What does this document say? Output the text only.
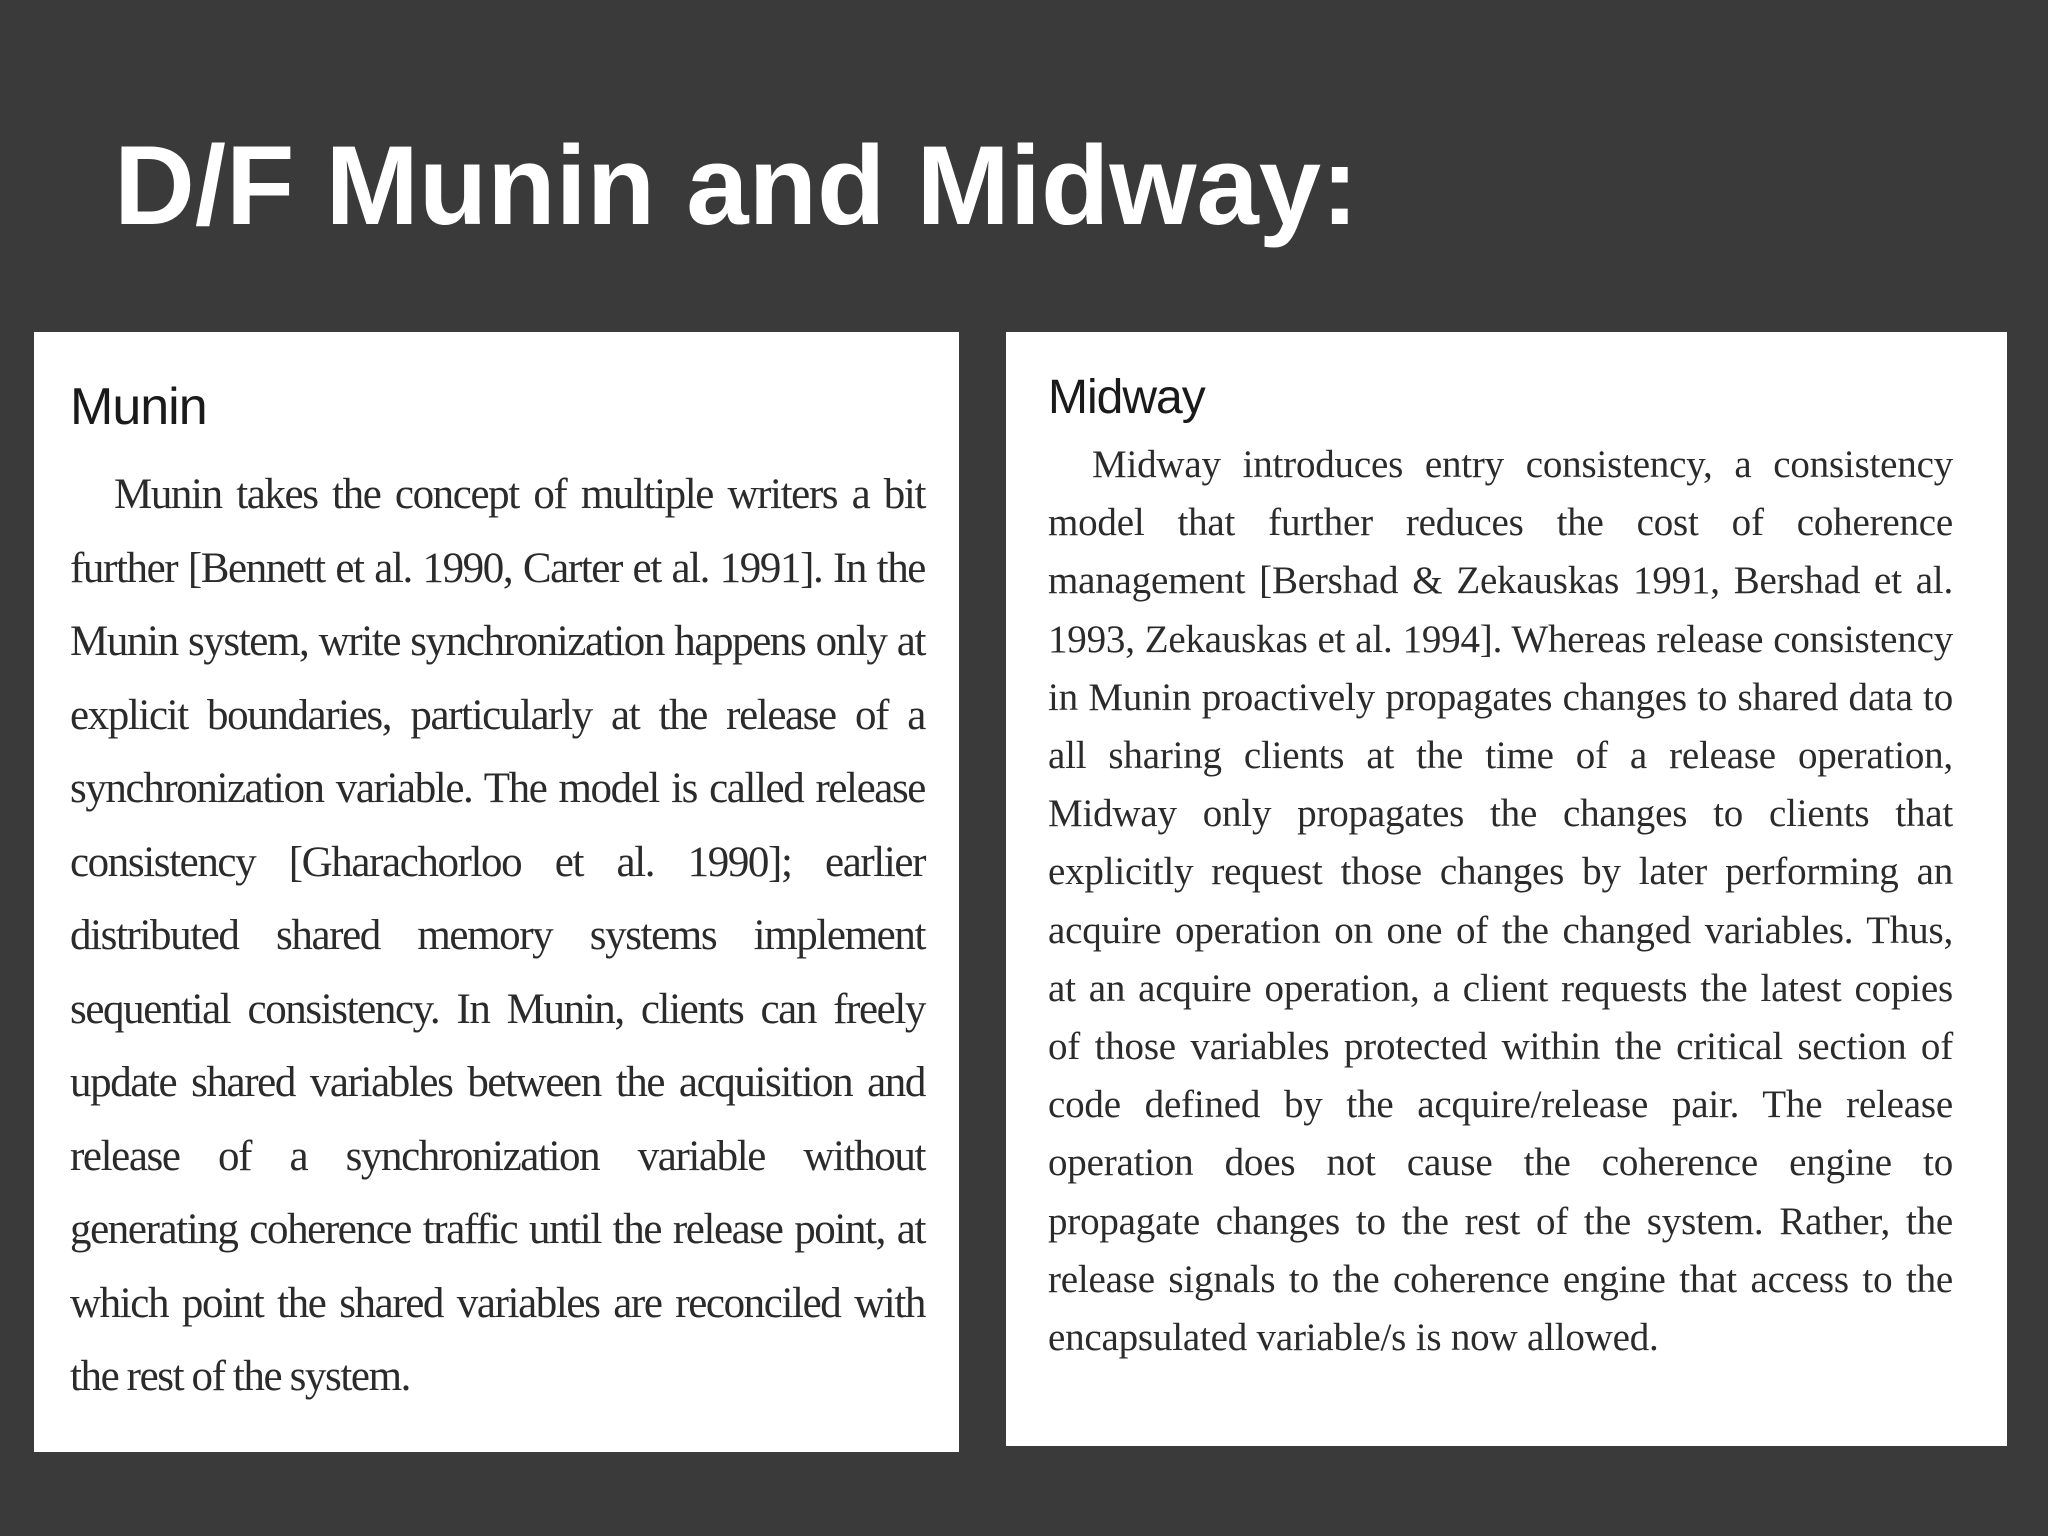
D/F Munin and Midway:
Munin

Munin takes the concept of multiple writers a bit further [Bennett et al. 1990, Carter et al. 1991]. In the Munin system, write synchronization happens only at explicit boundaries, particularly at the release of a synchronization variable. The model is called release consistency [Gharachorloo et al. 1990]; earlier distributed shared memory systems implement sequential consistency. In Munin, clients can freely update shared variables between the acquisition and release of a synchronization variable without generating coherence traffic until the release point, at which point the shared variables are reconciled with the rest of the system.

Midway

Midway introduces entry consistency, a consistency model that further reduces the cost of coherence management [Bershad & Zekauskas 1991, Bershad et al. 1993, Zekauskas et al. 1994]. Whereas release consistency in Munin proactively propagates changes to shared data to all sharing clients at the time of a release operation, Midway only propagates the changes to clients that explicitly request those changes by later performing an acquire operation on one of the changed variables. Thus, at an acquire operation, a client requests the latest copies of those variables protected within the critical section of code defined by the acquire/release pair. The release operation does not cause the coherence engine to propagate changes to the rest of the system. Rather, the release signals to the coherence engine that access to the encapsulated variable/s is now allowed.
